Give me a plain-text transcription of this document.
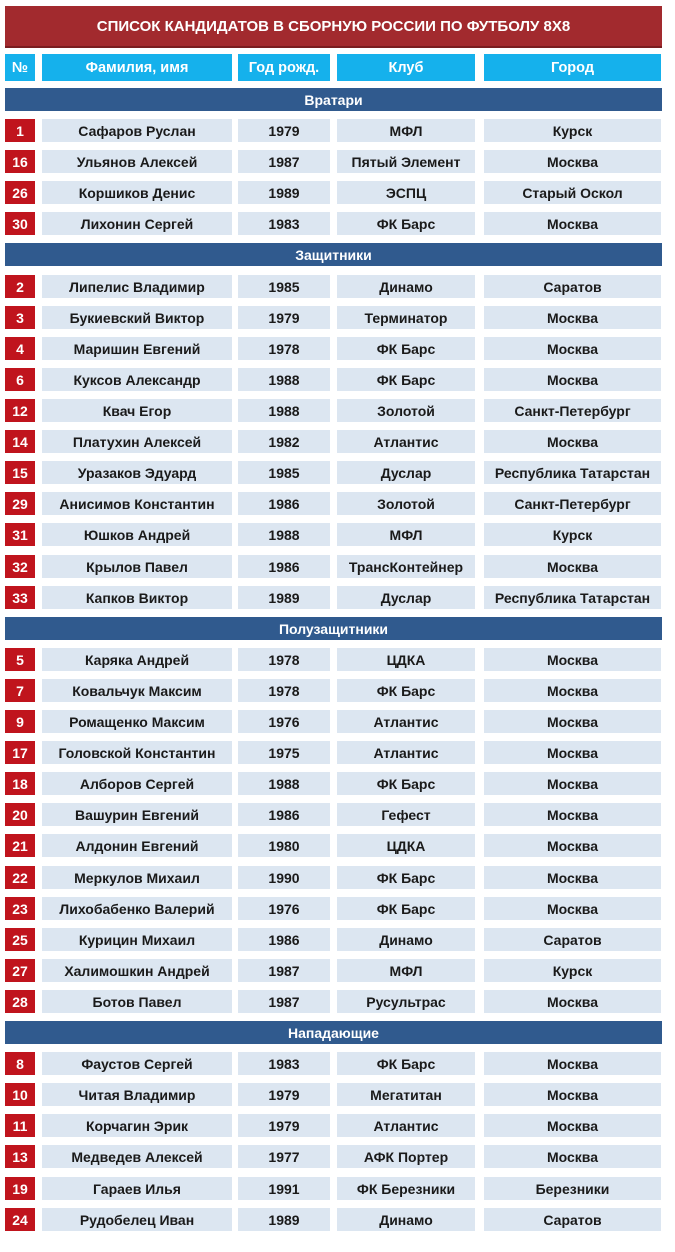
СПИСОК КАНДИДАТОВ В СБОРНУЮ РОССИИ ПО ФУТБОЛУ 8Х8
№	Фамилия, имя	Год рожд.	Клуб	Город
Вратари
1	Сафаров Руслан	1979	МФЛ	Курск
16	Ульянов Алексей	1987	Пятый Элемент	Москва
26	Коршиков Денис	1989	ЭСПЦ	Старый Оскол
30	Лихонин Сергей	1983	ФК Барс	Москва
Защитники
2	Липелис Владимир	1985	Динамо	Саратов
3	Букиевский Виктор	1979	Терминатор	Москва
4	Маришин Евгений	1978	ФК Барс	Москва
6	Куксов Александр	1988	ФК Барс	Москва
12	Квач Егор	1988	Золотой	Санкт-Петербург
14	Платухин Алексей	1982	Атлантис	Москва
15	Уразаков Эдуард	1985	Дуслар	Республика Татарстан
29	Анисимов Константин	1986	Золотой	Санкт-Петербург
31	Юшков Андрей	1988	МФЛ	Курск
32	Крылов Павел	1986	ТрансКонтейнер	Москва
33	Капков Виктор	1989	Дуслар	Республика Татарстан
Полузащитники
5	Каряка Андрей	1978	ЦДКА	Москва
7	Ковальчук Максим	1978	ФК Барс	Москва
9	Ромащенко Максим	1976	Атлантис	Москва
17	Головской Константин	1975	Атлантис	Москва
18	Алборов Сергей	1988	ФК Барс	Москва
20	Вашурин Евгений	1986	Гефест	Москва
21	Алдонин Евгений	1980	ЦДКА	Москва
22	Меркулов Михаил	1990	ФК Барс	Москва
23	Лихобабенко Валерий	1976	ФК Барс	Москва
25	Курицин Михаил	1986	Динамо	Саратов
27	Халимошкин Андрей	1987	МФЛ	Курск
28	Ботов Павел	1987	Русультрас	Москва
Нападающие
8	Фаустов Сергей	1983	ФК Барс	Москва
10	Читая Владимир	1979	Мегатитан	Москва
11	Корчагин Эрик	1979	Атлантис	Москва
13	Медведев Алексей	1977	АФК Портер	Москва
19	Гараев Илья	1991	ФК Березники	Березники
24	Рудобелец Иван	1989	Динамо	Саратов
